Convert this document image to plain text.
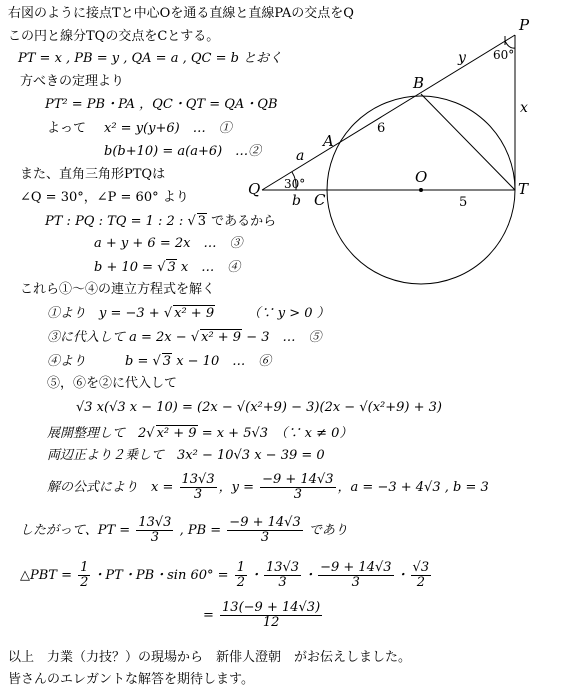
P
60°
y
x
B
6
A
a
O
30°
Q	T
b C	5
右図のように接点Tと中心Oを通る直線と直線PAの交点をQ
この円と線分TQの交点をCとする。
PT = x , PB = y , QA = a , QC = b とおく
方べきの定理より
PT² = PB・PA ，QC・QT = QA・QB
よって x² = y(y+6)　…　①
b(b+10) = a(a+6)　…②
また、直角三角形PTQは
∠Q = 30°，∠P = 60° より
PT : PQ : TQ = 1 : 2 : √ 3 であるから
a + y + 6 = 2x　…　③
b + 10 = √ 3 x　…　④
これら①～④の連立方程式を解く
①より　y = −3 + √ x² + 9　　　（∵ y > 0 ）
③に代入して a = 2x − √ x² + 9 − 3　…　⑤
④より　　　b = √ 3 x − 10　…　⑥
⑤，⑥を②に代入して
√3 x(√3 x − 10) = (2x − √(x²+9) − 3)(2x − √(x²+9) + 3)
展開整理して　2√ x² + 9 = x + 5√3　（∵ x ≠ 0）
両辺正より２乗して　3x² − 10√3 x − 39 = 0
解の公式により　$x = \frac{13√3}{3}$ ，$y = \frac{-9 + 14√3}{3}$ ，a = −3 + 4√3 , b = 3
したがって、PT = $\frac{13√3}{3}$ , PB = $\frac{-9 + 14√3}{3}$ であり
△PBT = $\frac{1}{2}$ ・PT・PB・$\sin 60^\circ = \frac{1}{2}$ ・ $\frac{13√3}{3}$ ・ $\frac{-9 + 14√3}{3}$ ・ $\frac{√3}{2}$
= $\frac{13(-9 + 14√3)}{12}$
以上　力業（力技？）の現場から　新俳人澄朝　がお伝えしました。
皆さんのエレガントな解答を期待します。
